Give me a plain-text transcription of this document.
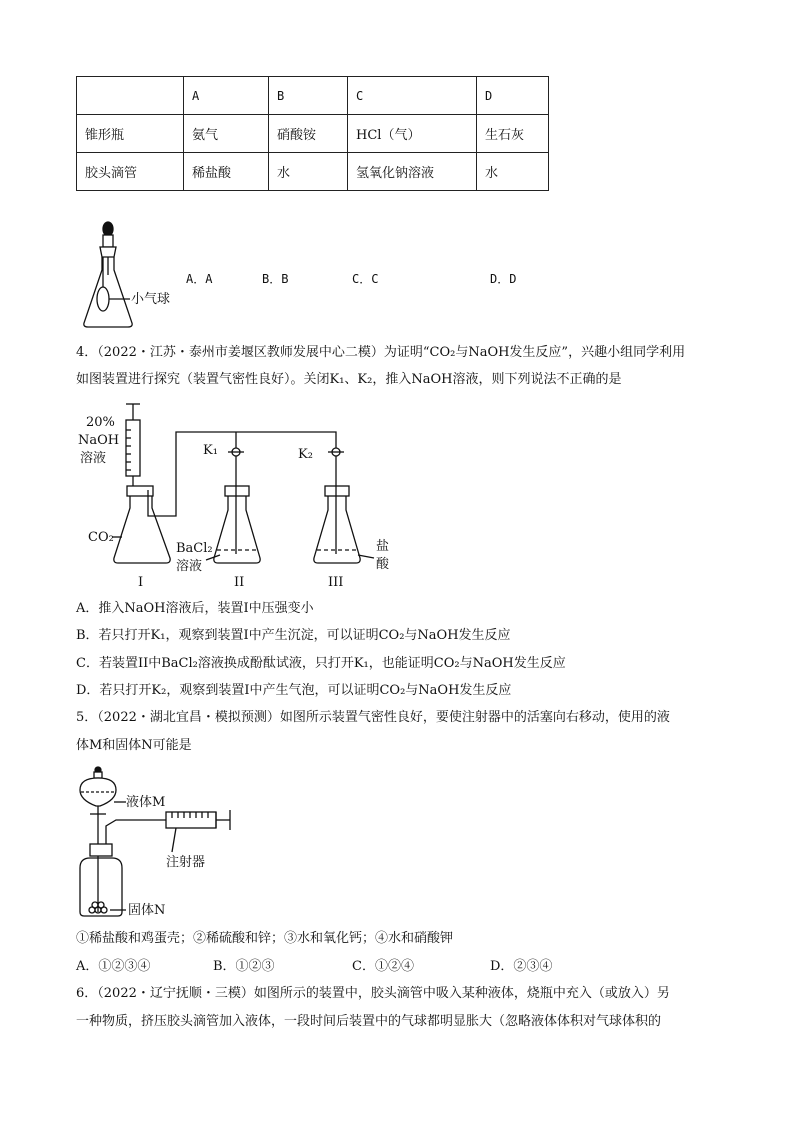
	A	B	C	D
锥形瓶	氨气	硝酸铵	HCl（气）	生石灰
胶头滴管	稀盐酸	水	氢氧化钠溶液	水
小气球
A．A	B．B	C．C	D．D
4．（2022・江苏・泰州市姜堰区教师发展中心二模）为证明“CO₂与NaOH发生反应”，兴趣小组同学利用
如图装置进行探究（装置气密性良好）。关闭K₁、K₂，推入NaOH溶液，则下列说法不正确的是
20%
NaOH
溶液
CO₂
K₁	K₂
BaCl₂
溶液
盐
酸
I	II	III
A．推入NaOH溶液后，装置I中压强变小
B．若只打开K₁，观察到装置I中产生沉淀，可以证明CO₂与NaOH发生反应
C．若装置II中BaCl₂溶液换成酚酞试液，只打开K₁，也能证明CO₂与NaOH发生反应
D．若只打开K₂，观察到装置I中产生气泡，可以证明CO₂与NaOH发生反应
5．（2022・湖北宜昌・模拟预测）如图所示装置气密性良好，要使注射器中的活塞向右移动，使用的液
体M和固体N可能是
液体M
注射器
固体N
①稀盐酸和鸡蛋壳；②稀硫酸和锌；③水和氧化钙；④水和硝酸钾
A．①②③④	B．①②③	C．①②④	D．②③④
6．（2022・辽宁抚顺・三模）如图所示的装置中，胶头滴管中吸入某种液体，烧瓶中充入（或放入）另
一种物质，挤压胶头滴管加入液体，一段时间后装置中的气球都明显胀大（忽略液体体积对气球体积的
